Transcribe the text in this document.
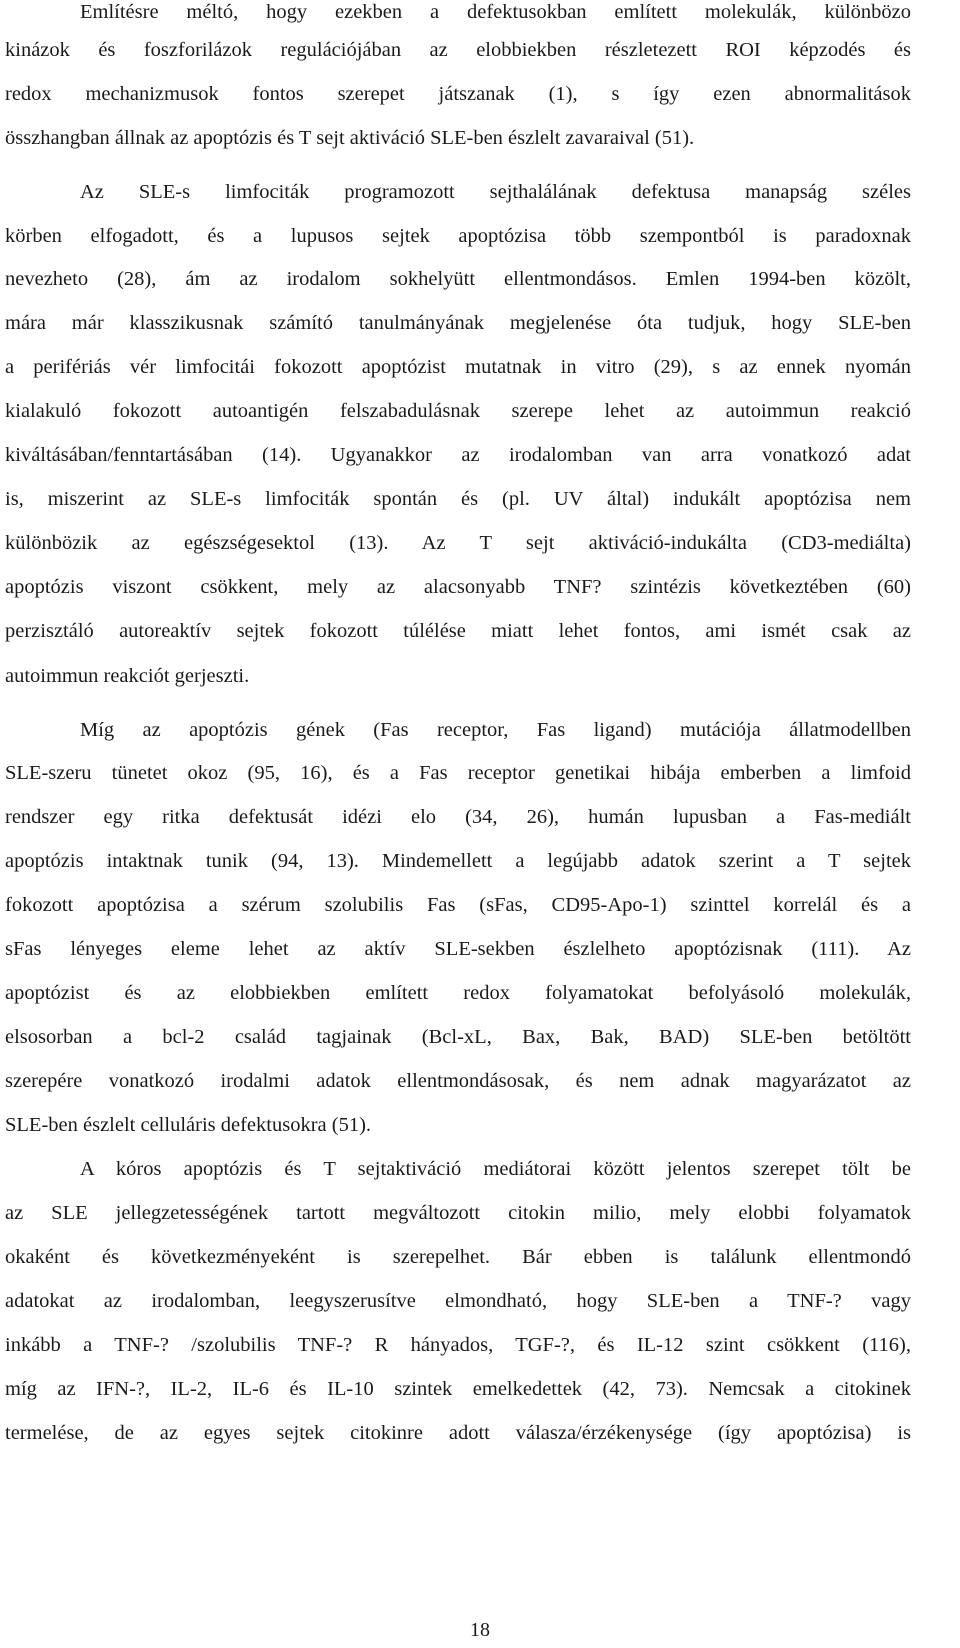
Említésre méltó, hogy ezekben a defektusokban említett molekulák, különbözo
kinázok és foszforilázok regulációjában az elobbiekben részletezett ROI képzodés és
redox mechanizmusok fontos szerepet játszanak (1), s így ezen abnormalitások
összhangban állnak az apoptózis és T sejt aktiváció SLE-ben észlelt zavaraival (51).
Az SLE-s limfociták programozott sejthalálának defektusa manapság széles
körben elfogadott, és a lupusos sejtek apoptózisa több szempontból is paradoxnak
nevezheto (28), ám az irodalom sokhelyütt ellentmondásos. Emlen 1994-ben közölt,
mára már klasszikusnak számító tanulmányának megjelenése óta tudjuk, hogy SLE-ben
a perifériás vér limfocitái fokozott apoptózist mutatnak in vitro (29), s az ennek nyomán
kialakuló fokozott autoantigén felszabadulásnak szerepe lehet az autoimmun reakció
kiváltásában/fenntartásában (14). Ugyanakkor az irodalomban van arra vonatkozó adat
is, miszerint az SLE-s limfociták spontán és (pl. UV által) indukált apoptózisa nem
különbözik az egészségesektol (13). Az T sejt aktiváció-indukálta (CD3-mediálta)
apoptózis viszont csökkent, mely az alacsonyabb TNF? szintézis következtében (60)
perzisztáló autoreaktív sejtek fokozott túlélése miatt lehet fontos, ami ismét csak az
autoimmun reakciót gerjeszti.
Míg az apoptózis gének (Fas receptor, Fas ligand) mutációja állatmodellben
SLE-szeru tünetet okoz (95, 16), és a Fas receptor genetikai hibája emberben a limfoid
rendszer egy ritka defektusát idézi elo (34, 26), humán lupusban a Fas-mediált
apoptózis intaktnak tunik (94, 13). Mindemellett a legújabb adatok szerint a T sejtek
fokozott apoptózisa a szérum szolubilis Fas (sFas, CD95-Apo-1) szinttel korrelál és a
sFas lényeges eleme lehet az aktív SLE-sekben észlelheto apoptózisnak (111). Az
apoptózist és az elobbiekben említett redox folyamatokat befolyásoló molekulák,
elsosorban a bcl-2 család tagjainak (Bcl-xL, Bax, Bak, BAD) SLE-ben betöltött
szerepére vonatkozó irodalmi adatok ellentmondásosak, és nem adnak magyarázatot az
SLE-ben észlelt celluláris defektusokra (51).
A kóros apoptózis és T sejtaktiváció mediátorai között jelentos szerepet tölt be
az SLE jellegzetességének tartott megváltozott citokin milio, mely elobbi folyamatok
okaként és következményeként is szerepelhet. Bár ebben is találunk ellentmondó
adatokat az irodalomban, leegyszerusítve elmondható, hogy SLE-ben a TNF-? vagy
inkább a TNF-? /szolubilis TNF-? R hányados, TGF-?, és IL-12 szint csökkent (116),
míg az IFN-?, IL-2, IL-6 és IL-10 szintek emelkedettek (42, 73). Nemcsak a citokinek
termelése, de az egyes sejtek citokinre adott válasza/érzékenysége (így apoptózisa) is
18
